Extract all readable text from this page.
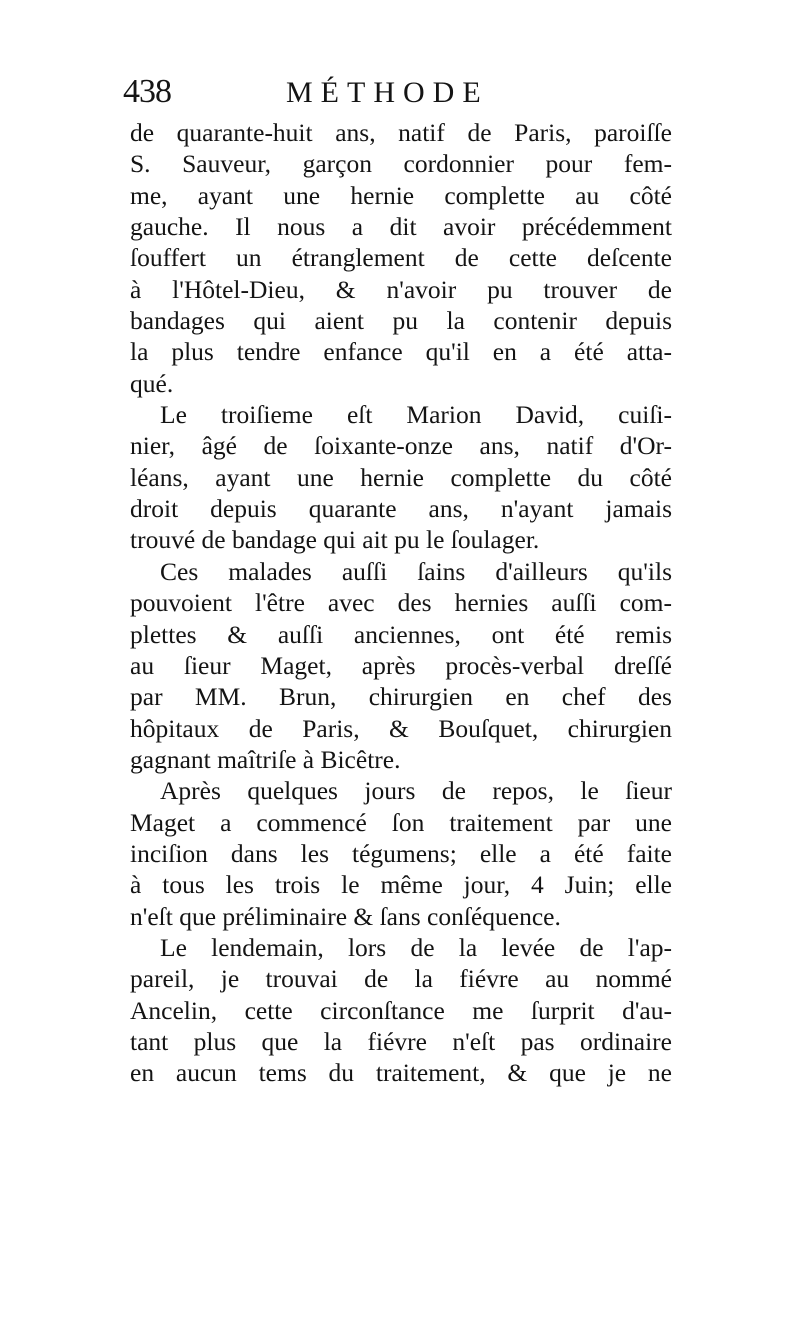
438	MÉTHODE
de quarante-huit ans, natif de Paris, paroiſſe
S. Sauveur, garçon cordonnier pour fem-
me, ayant une hernie complette au côté
gauche. Il nous a dit avoir précédemment
ſouffert un étranglement de cette deſcente
à l'Hôtel-Dieu, & n'avoir pu trouver de
bandages qui aient pu la contenir depuis
la plus tendre enfance qu'il en a été atta-
qué.
Le troiſieme eſt Marion David, cuiſi-
nier, âgé de ſoixante-onze ans, natif d'Or-
léans, ayant une hernie complette du côté
droit depuis quarante ans, n'ayant jamais
trouvé de bandage qui ait pu le ſoulager.
Ces malades auſſi ſains d'ailleurs qu'ils
pouvoient l'être avec des hernies auſſi com-
plettes & auſſi anciennes, ont été remis
au ſieur Maget, après procès-verbal dreſſé
par MM. Brun, chirurgien en chef des
hôpitaux de Paris, & Bouſquet, chirurgien
gagnant maîtriſe à Bicêtre.
Après quelques jours de repos, le ſieur
Maget a commencé ſon traitement par une
inciſion dans les tégumens; elle a été faite
à tous les trois le même jour, 4 Juin; elle
n'eſt que préliminaire & ſans conſéquence.
Le lendemain, lors de la levée de l'ap-
pareil, je trouvai de la fiévre au nommé
Ancelin, cette circonſtance me ſurprit d'au-
tant plus que la fiévre n'eſt pas ordinaire
en aucun tems du traitement, & que je ne
